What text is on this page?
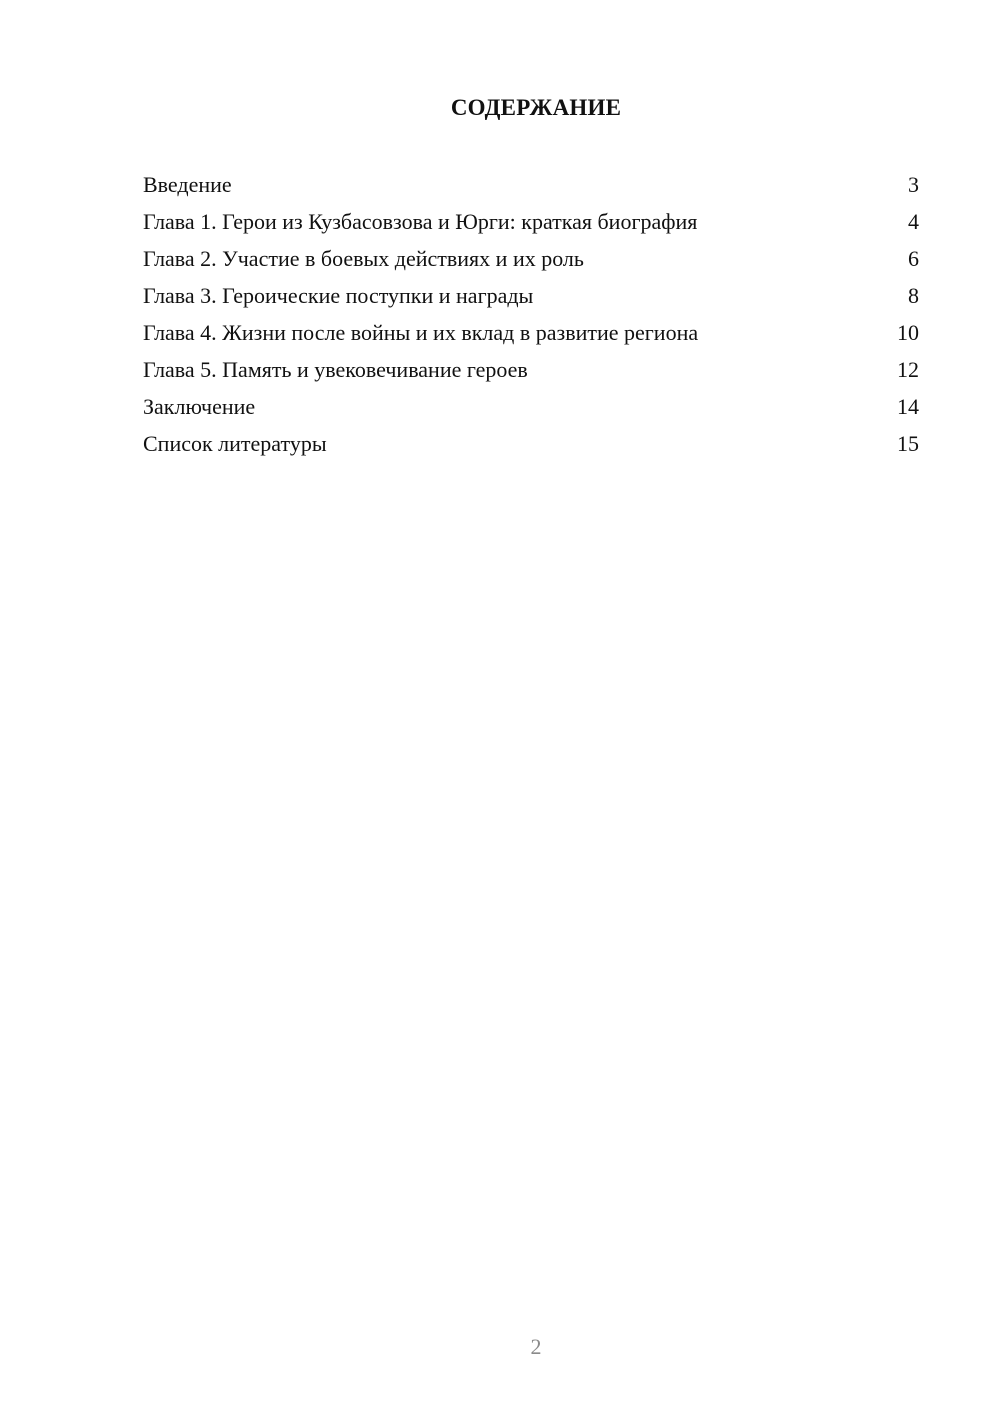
СОДЕРЖАНИЕ
Введение	3
Глава 1. Герои из Кузбасовзова и Юрги: краткая биография	4
Глава 2. Участие в боевых действиях и их роль	6
Глава 3. Героические поступки и награды	8
Глава 4. Жизни после войны и их вклад в развитие региона	10
Глава 5. Память и увековечивание героев	12
Заключение	14
Список литературы	15
2
